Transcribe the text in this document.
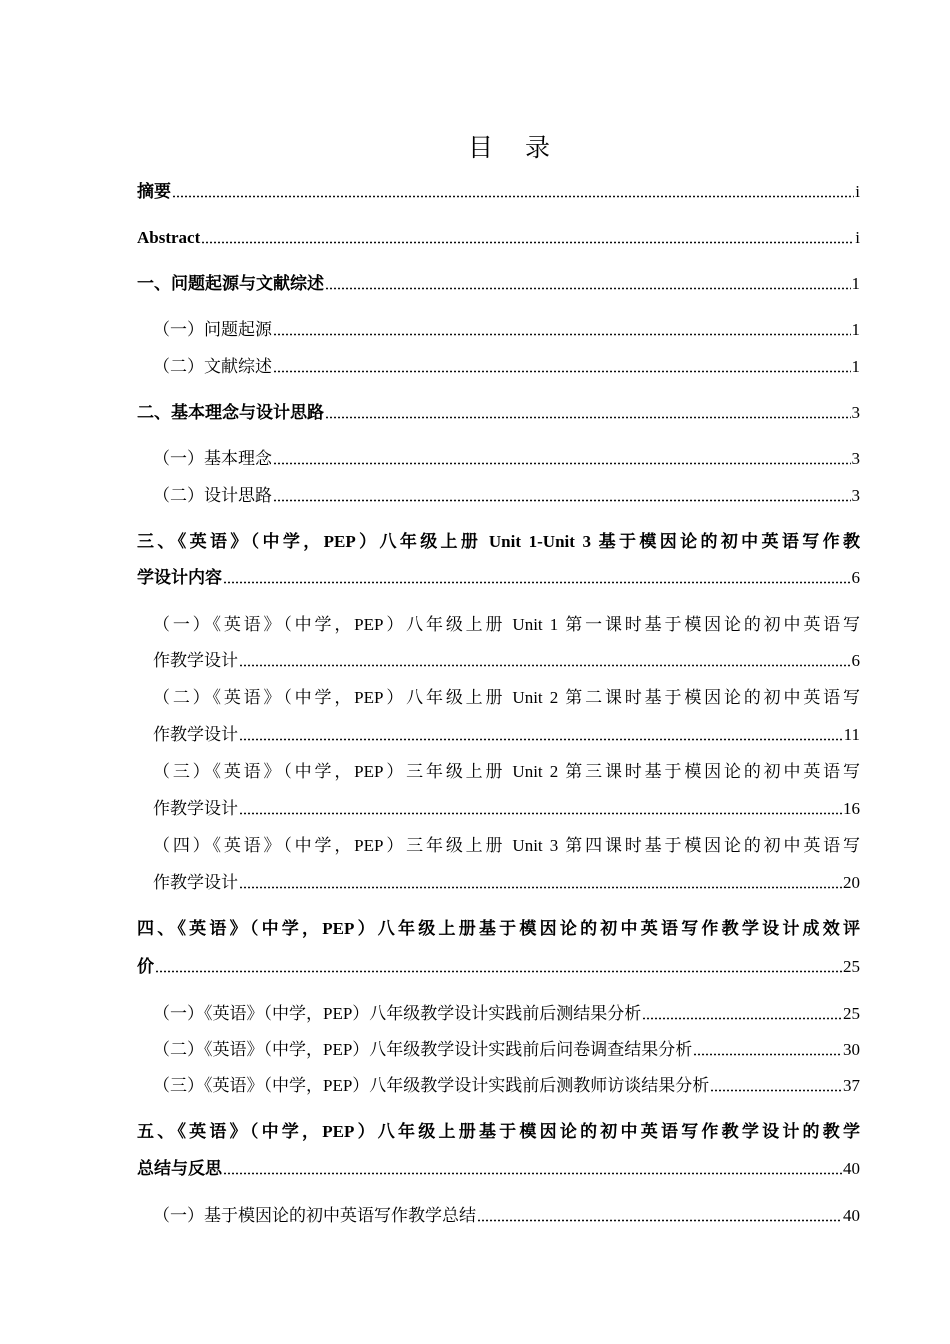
目 录
摘要	i
Abstract	i
一、问题起源与文献综述	1
（一）问题起源	1
（二）文献综述	1
二、基本理念与设计思路	3
（一）基本理念	3
（二）设计思路	3
三、《英语》（中学，PEP）八年级上册 Unit 1-Unit 3 基于模因论的初中英语写作教
学设计内容	6
（一）《英语》（中学，PEP）八年级上册 Unit 1 第一课时基于模因论的初中英语写
作教学设计	6
（二）《英语》（中学，PEP）八年级上册 Unit 2 第二课时基于模因论的初中英语写
作教学设计	11
（三）《英语》（中学，PEP）三年级上册 Unit 2 第三课时基于模因论的初中英语写
作教学设计	16
（四）《英语》（中学，PEP）三年级上册 Unit 3 第四课时基于模因论的初中英语写
作教学设计	20
四、《英语》（中学，PEP）八年级上册基于模因论的初中英语写作教学设计成效评
价	25
（一）《英语》（中学，PEP）八年级教学设计实践前后测结果分析	25
（二）《英语》（中学，PEP）八年级教学设计实践前后问卷调查结果分析	30
（三）《英语》（中学，PEP）八年级教学设计实践前后测教师访谈结果分析	37
五、《英语》（中学，PEP）八年级上册基于模因论的初中英语写作教学设计的教学
总结与反思	40
（一）基于模因论的初中英语写作教学总结	40
